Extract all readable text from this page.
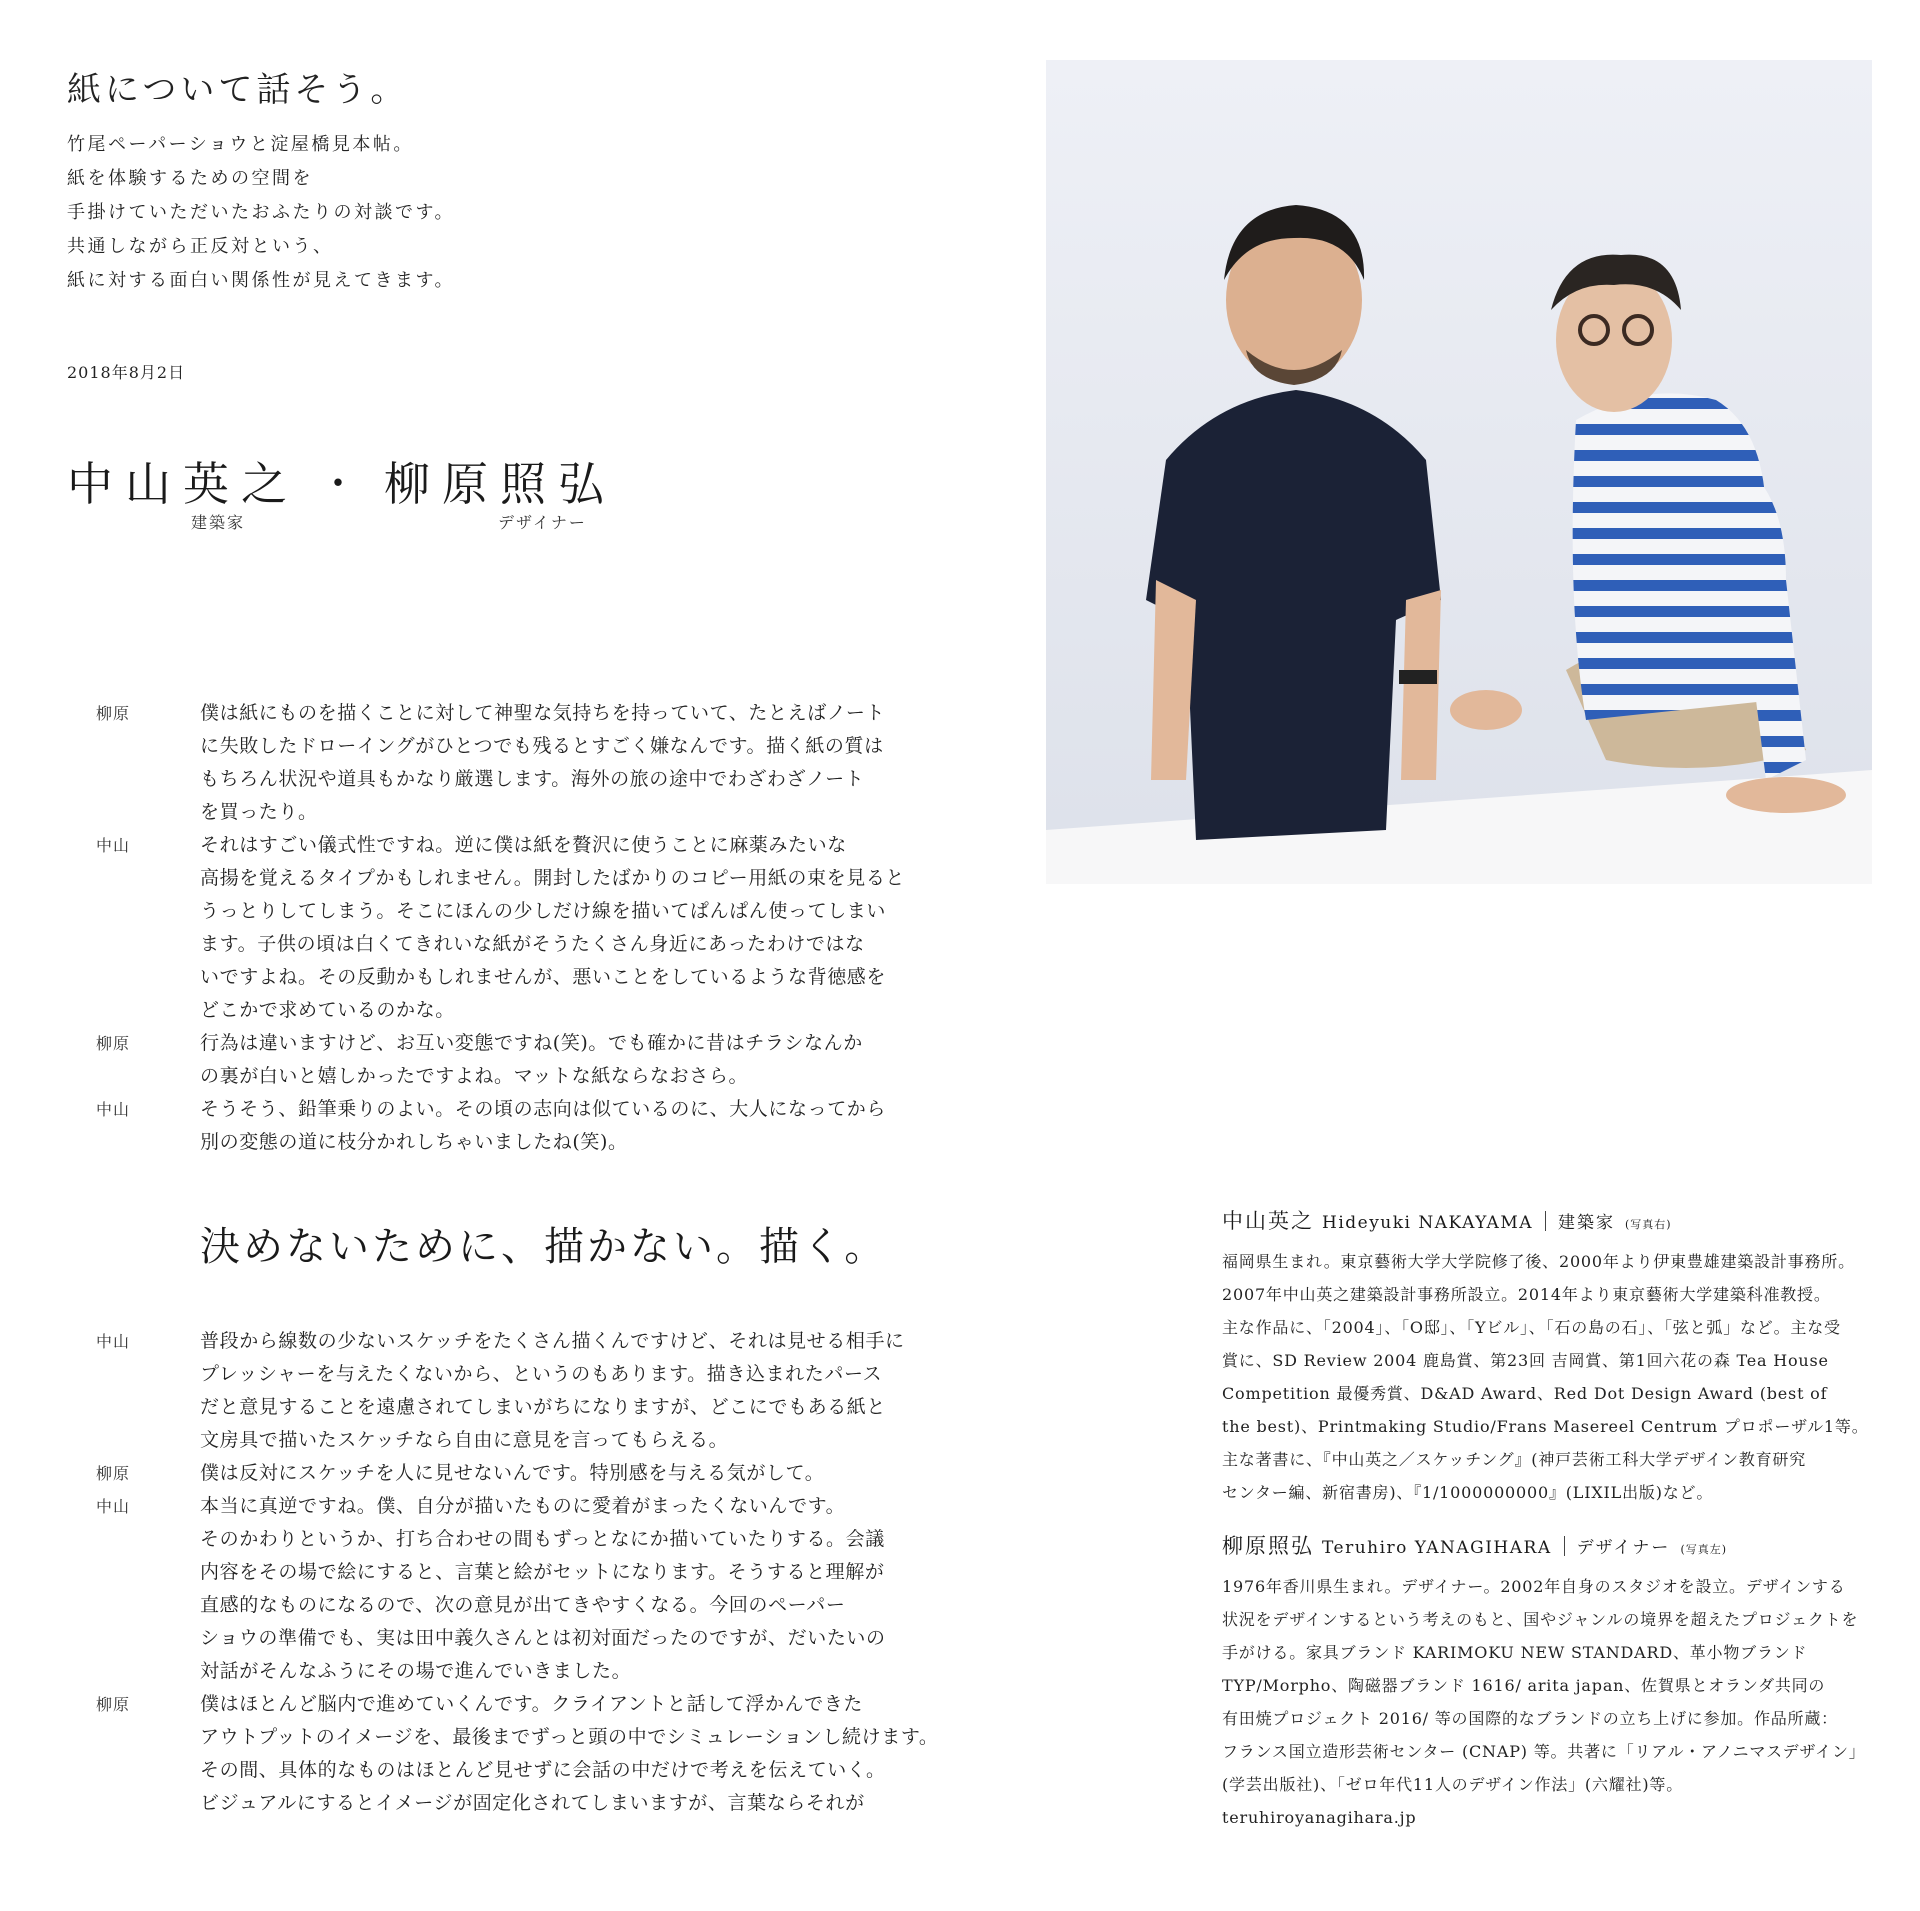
紙について話そう。
竹尾ペーパーショウと淀屋橋見本帖。
紙を体験するための空間を
手掛けていただいたおふたりの対談です。
共通しながら正反対という、
紙に対する面白い関係性が見えてきます。
2018年8月2日
中山英之 ・ 柳原照弘
建築家	デザイナー
柳原	僕は紙にものを描くことに対して神聖な気持ちを持っていて、たとえばノート
に失敗したドローイングがひとつでも残るとすごく嫌なんです。描く紙の質は
もちろん状況や道具もかなり厳選します。海外の旅の途中でわざわざノート
を買ったり。
中山	それはすごい儀式性ですね。逆に僕は紙を贅沢に使うことに麻薬みたいな
高揚を覚えるタイプかもしれません。開封したばかりのコピー用紙の束を見ると
うっとりしてしまう。そこにほんの少しだけ線を描いてぱんぱん使ってしまい
ます。子供の頃は白くてきれいな紙がそうたくさん身近にあったわけではな
いですよね。その反動かもしれませんが、悪いことをしているような背徳感を
どこかで求めているのかな。
柳原	行為は違いますけど、お互い変態ですね(笑)。でも確かに昔はチラシなんか
の裏が白いと嬉しかったですよね。マットな紙ならなおさら。
中山	そうそう、鉛筆乗りのよい。その頃の志向は似ているのに、大人になってから
別の変態の道に枝分かれしちゃいましたね(笑)。
決めないために、描かない。描く。
中山	普段から線数の少ないスケッチをたくさん描くんですけど、それは見せる相手に
プレッシャーを与えたくないから、というのもあります。描き込まれたパース
だと意見することを遠慮されてしまいがちになりますが、どこにでもある紙と
文房具で描いたスケッチなら自由に意見を言ってもらえる。
柳原	僕は反対にスケッチを人に見せないんです。特別感を与える気がして。
中山	本当に真逆ですね。僕、自分が描いたものに愛着がまったくないんです。
そのかわりというか、打ち合わせの間もずっとなにか描いていたりする。会議
内容をその場で絵にすると、言葉と絵がセットになります。そうすると理解が
直感的なものになるので、次の意見が出てきやすくなる。今回のペーパー
ショウの準備でも、実は田中義久さんとは初対面だったのですが、だいたいの
対話がそんなふうにその場で進んでいきました。
柳原	僕はほとんど脳内で進めていくんです。クライアントと話して浮かんできた
アウトプットのイメージを、最後までずっと頭の中でシミュレーションし続けます。
その間、具体的なものはほとんど見せずに会話の中だけで考えを伝えていく。
ビジュアルにするとイメージが固定化されてしまいますが、言葉ならそれが
中山英之 Hideyuki NAKAYAMA 建築家 (写真右)
福岡県生まれ。東京藝術大学大学院修了後、2000年より伊東豊雄建築設計事務所。
2007年中山英之建築設計事務所設立。2014年より東京藝術大学建築科准教授。
主な作品に、「2004」、「O邸」、「Yビル」、「石の島の石」、「弦と弧」など。主な受
賞に、SD Review 2004 鹿島賞、第23回 吉岡賞、第1回六花の森 Tea House
Competition 最優秀賞、D&AD Award、Red Dot Design Award (best of
the best)、Printmaking Studio/Frans Masereel Centrum プロポーザル1等。
主な著書に、『中山英之／スケッチング』(神戸芸術工科大学デザイン教育研究
センター編、新宿書房)、『1/1000000000』(LIXIL出版)など。
柳原照弘 Teruhiro YANAGIHARA デザイナー (写真左)
1976年香川県生まれ。デザイナー。2002年自身のスタジオを設立。デザインする
状況をデザインするという考えのもと、国やジャンルの境界を超えたプロジェクトを
手がける。家具ブランド KARIMOKU NEW STANDARD、革小物ブランド
TYP/Morpho、陶磁器ブランド 1616/ arita japan、佐賀県とオランダ共同の
有田焼プロジェクト 2016/ 等の国際的なブランドの立ち上げに参加。作品所蔵：
フランス国立造形芸術センター (CNAP) 等。共著に「リアル・アノニマスデザイン」
(学芸出版社)、「ゼロ年代11人のデザイン作法」(六耀社)等。
teruhiroyanagihara.jp
